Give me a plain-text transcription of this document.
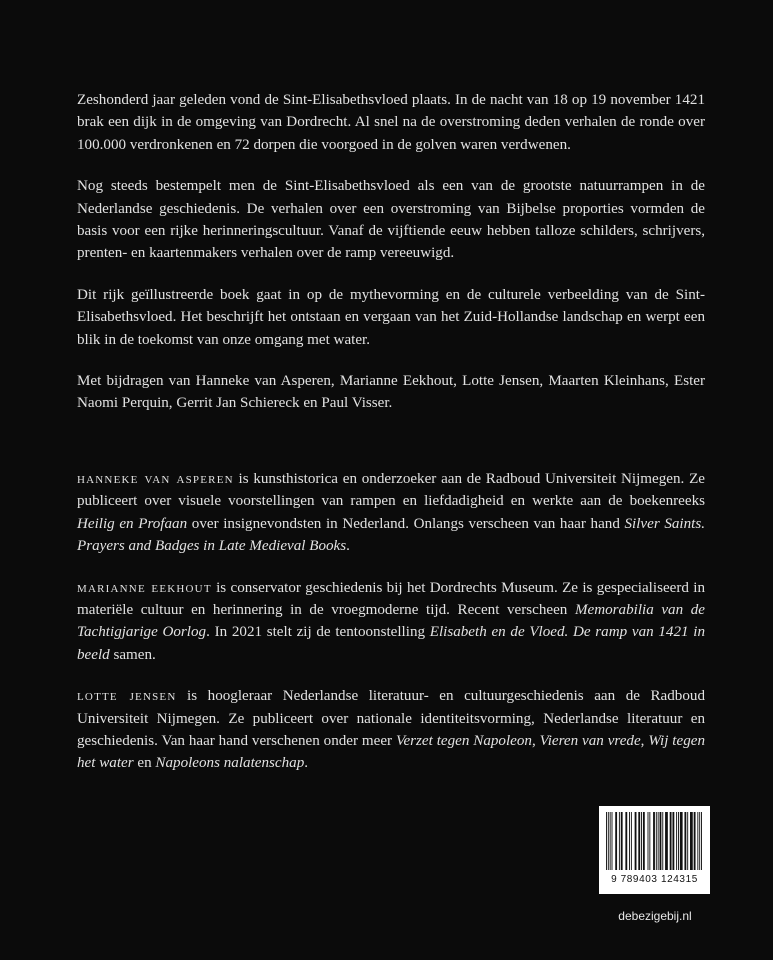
Zeshonderd jaar geleden vond de Sint-Elisabethsvloed plaats. In de nacht van 18 op 19 november 1421 brak een dijk in de omgeving van Dordrecht. Al snel na de overstroming deden verhalen de ronde over 100.000 verdronkenen en 72 dorpen die voorgoed in de golven waren verdwenen.

Nog steeds bestempelt men de Sint-Elisabethsvloed als een van de grootste natuurrampen in de Nederlandse geschiedenis. De verhalen over een overstroming van Bijbelse proporties vormden de basis voor een rijke herinneringscultuur. Vanaf de vijftiende eeuw hebben talloze schilders, schrijvers, prenten- en kaartenmakers verhalen over de ramp vereeuwigd.

Dit rijk geïllustreerde boek gaat in op de mythevorming en de culturele verbeelding van de Sint-Elisabethsvloed. Het beschrijft het ontstaan en vergaan van het Zuid-Hollandse landschap en werpt een blik in de toekomst van onze omgang met water.

Met bijdragen van Hanneke van Asperen, Marianne Eekhout, Lotte Jensen, Maarten Kleinhans, Ester Naomi Perquin, Gerrit Jan Schiereck en Paul Visser.

hanneke van asperen is kunsthistorica en onderzoeker aan de Radboud Universiteit Nijmegen. Ze publiceert over visuele voorstellingen van rampen en liefdadigheid en werkte aan de boekenreeks Heilig en Profaan over insignevondsten in Nederland. Onlangs verscheen van haar hand Silver Saints. Prayers and Badges in Late Medieval Books.

marianne eekhout is conservator geschiedenis bij het Dordrechts Museum. Ze is gespecialiseerd in materiële cultuur en herinnering in de vroegmoderne tijd. Recent verscheen Memorabilia van de Tachtigjarige Oorlog. In 2021 stelt zij de tentoonstelling Elisabeth en de Vloed. De ramp van 1421 in beeld samen.

lotte jensen is hoogleraar Nederlandse literatuur- en cultuurgeschiedenis aan de Radboud Universiteit Nijmegen. Ze publiceert over nationale identiteitsvorming, Nederlandse literatuur en geschiedenis. Van haar hand verschenen onder meer Verzet tegen Napoleon, Vieren van vrede, Wij tegen het water en Napoleons nalatenschap.

9 789403 124315
debezigebij.nl
